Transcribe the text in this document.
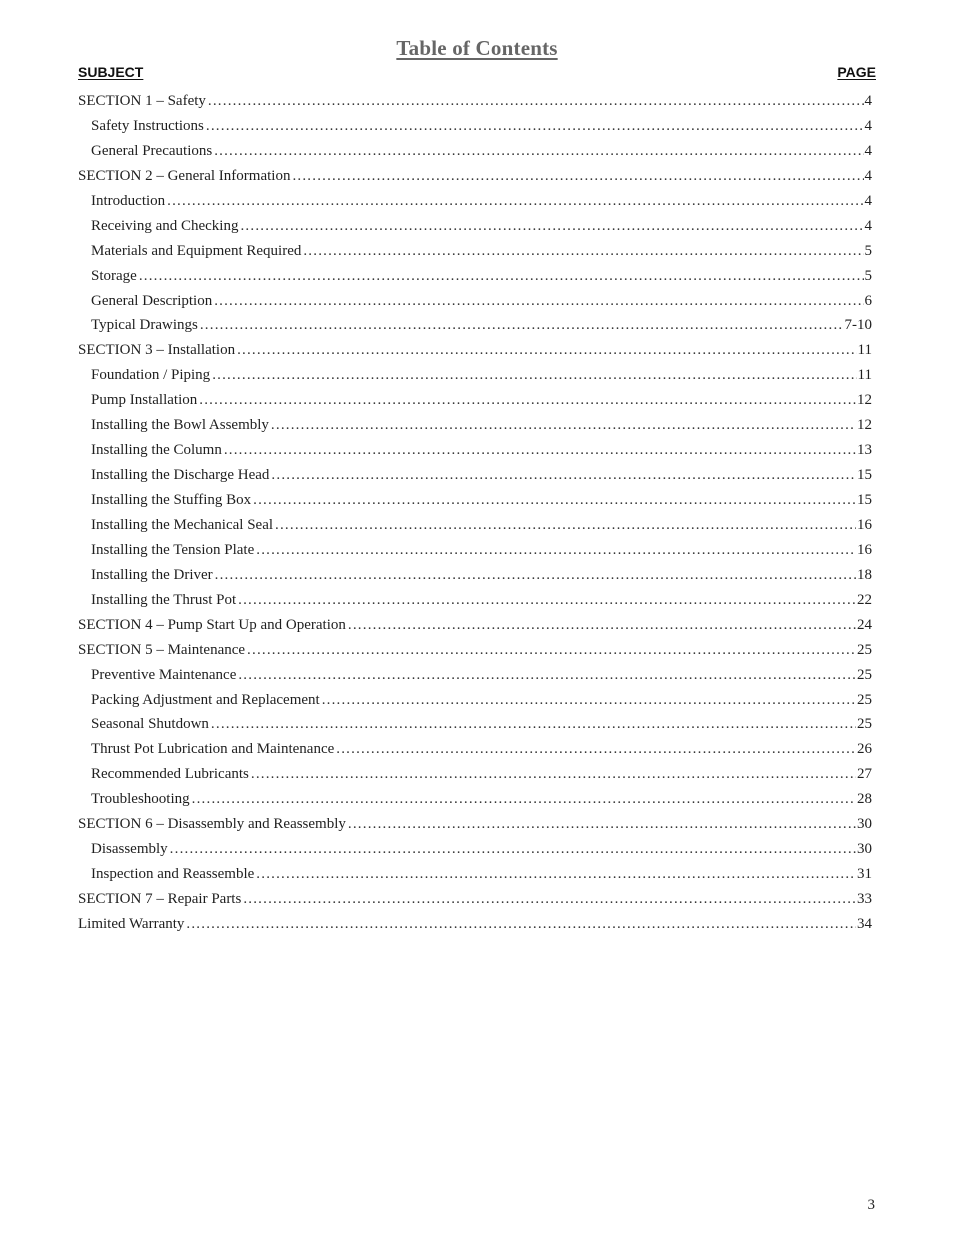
Table of Contents
SUBJECT	PAGE
SECTION 1 – Safety .....	4
Safety Instructions .....	4
General Precautions .....	4
SECTION 2 – General Information .....	4
Introduction .....	4
Receiving and Checking .....	4
Materials and Equipment Required .....	5
Storage .....	5
General Description .....	6
Typical Drawings .....	7-10
SECTION 3 – Installation .....	11
Foundation / Piping .....	11
Pump Installation .....	12
Installing the Bowl Assembly .....	12
Installing the Column .....	13
Installing the Discharge Head .....	15
Installing the Stuffing Box .....	15
Installing the Mechanical Seal .....	16
Installing the Tension Plate .....	16
Installing the Driver .....	18
Installing the Thrust Pot .....	22
SECTION 4 – Pump Start Up and Operation .....	24
SECTION 5 – Maintenance .....	25
Preventive Maintenance .....	25
Packing Adjustment and Replacement .....	25
Seasonal Shutdown .....	25
Thrust Pot Lubrication and Maintenance .....	26
Recommended Lubricants .....	27
Troubleshooting .....	28
SECTION 6 – Disassembly and Reassembly .....	30
Disassembly .....	30
Inspection and Reassemble .....	31
SECTION 7 – Repair Parts .....	33
Limited Warranty .....	34
3
